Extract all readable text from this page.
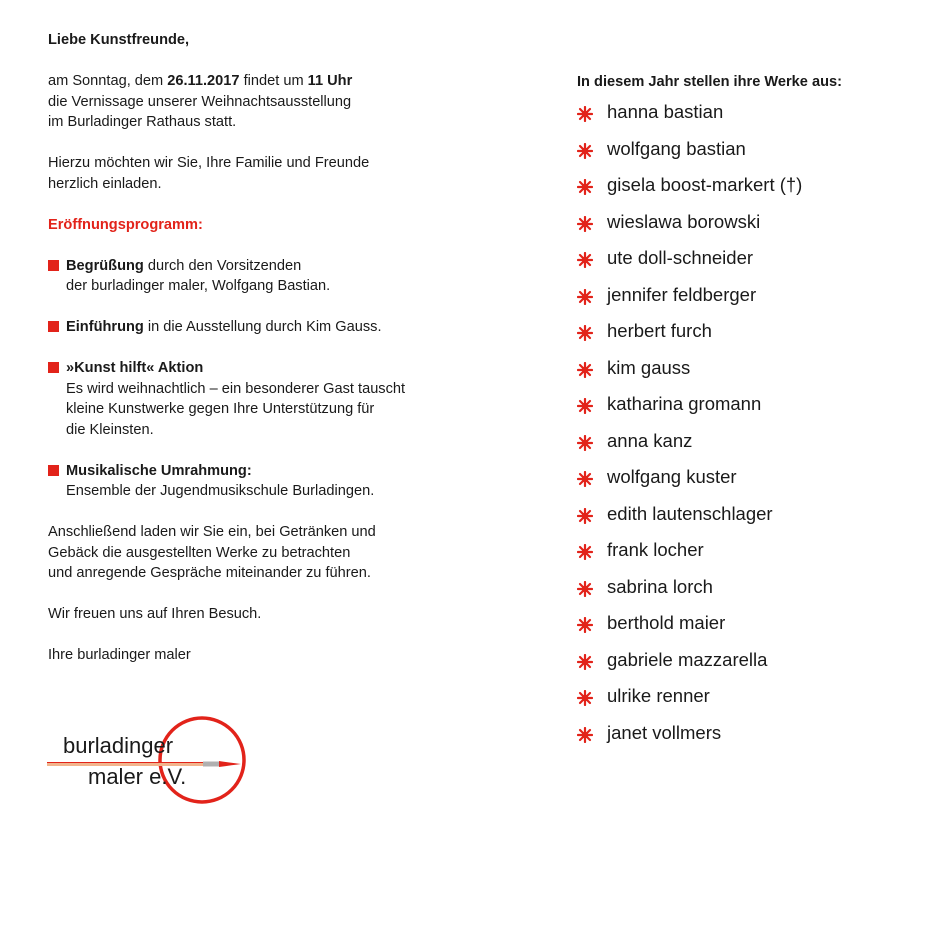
Liebe Kunstfreunde,

am Sonntag, dem 26.11.2017 findet um 11 Uhr
die Vernissage unserer Weihnachtsausstellung
im Burladinger Rathaus statt.

Hierzu möchten wir Sie, Ihre Familie und Freunde
herzlich einladen.

Eröffnungsprogramm:

Begrüßung durch den Vorsitzenden
der burladinger maler, Wolfgang Bastian.
Einführung in die Ausstellung durch Kim Gauss.
»Kunst hilft« Aktion
Es wird weihnachtlich – ein besonderer Gast tauscht
kleine Kunstwerke gegen Ihre Unterstützung für
die Kleinsten.
Musikalische Umrahmung:
Ensemble der Jugendmusikschule Burladingen.

Anschließend laden wir Sie ein, bei Getränken und
Gebäck die ausgestellten Werke zu betrachten
und anregende Gespräche miteinander zu führen.

Wir freuen uns auf Ihren Besuch.

Ihre burladinger maler

burladinger
maler e.V.

In diesem Jahr stellen ihre Werke aus:

hanna bastian
wolfgang bastian
gisela boost-markert (†)
wieslawa borowski
ute doll-schneider
jennifer feldberger
herbert furch
kim gauss
katharina gromann
anna kanz
wolfgang kuster
edith lautenschlager
frank locher
sabrina lorch
berthold maier
gabriele mazzarella
ulrike renner
janet vollmers
